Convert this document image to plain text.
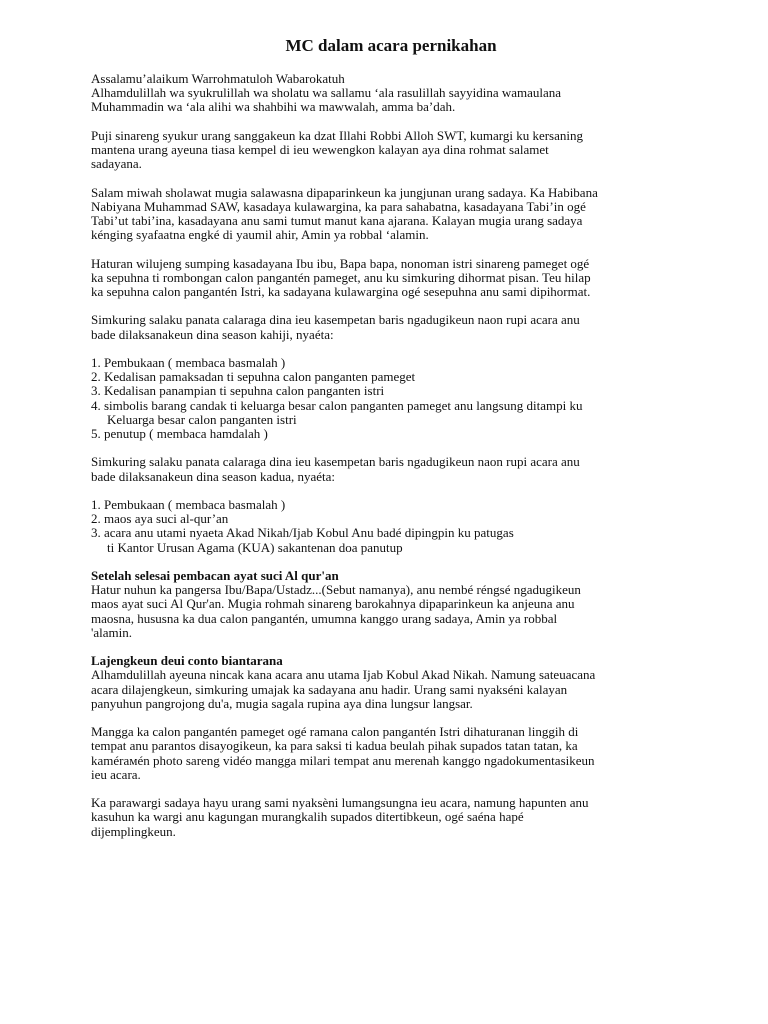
MC dalam acara pernikahan
Assalamu’alaikum Warrohmatuloh Wabarokatuh
Alhamdulillah wa syukrulillah wa sholatu wa sallamu ‘ala rasulillah sayyidina wamaulana
Muhammadin wa ‘ala alihi wa shahbihi wa mawwalah, amma ba’dah.
Puji sinareng syukur urang sanggakeun ka dzat Illahi Robbi Alloh SWT, kumargi ku kersaning
mantena urang ayeuna tiasa kempel di ieu wewengkon kalayan aya dina rohmat salamet
sadayana.
Salam miwah sholawat mugia salawasna dipaparinkeun ka jungjunan urang sadaya. Ka Habibana
Nabiyana Muhammad SAW, kasadaya kulawargina, ka para sahabatna, kasadayana Tabi’in ogé
Tabi’ut tabi’ina, kasadayana anu sami tumut manut kana ajarana. Kalayan mugia urang sadaya
kénging syafaatna engké di yaumil ahir, Amin ya robbal ‘alamin.
Haturan wilujeng sumping kasadayana Ibu ibu, Bapa bapa, nonoman istri sinareng pameget ogé
ka sepuhna ti rombongan calon pangantén pameget, anu ku simkuring dihormat pisan. Teu hilap
ka sepuhna calon pangantén Istri, ka sadayana kulawargina ogé sesepuhna anu sami dipihormat.
Simkuring salaku panata calaraga dina ieu kasempetan baris ngadugikeun naon rupi acara anu
bade dilaksanakeun dina season kahiji, nyaéta:
1. Pembukaan ( membaca basmalah )
2. Kedalisan pamaksadan ti sepuhna calon panganten pameget
3. Kedalisan panampian ti sepuhna calon panganten istri
4. simbolis barang candak ti keluarga besar calon panganten pameget anu langsung ditampi ku
Keluarga besar calon panganten istri
5. penutup ( membaca hamdalah )
Simkuring salaku panata calaraga dina ieu kasempetan baris ngadugikeun naon rupi acara anu
bade dilaksanakeun dina season kadua, nyaéta:
1. Pembukaan ( membaca basmalah )
2. maos aya suci al-qur’an
3. acara anu utami nyaeta Akad Nikah/Ijab Kobul Anu badé dipingpin ku patugas
ti Kantor Urusan Agama (KUA) sakantenan doa panutup
Setelah selesai pembacan ayat suci Al qur'an
Hatur nuhun ka pangersa Ibu/Bapa/Ustadz...(Sebut namanya), anu nembé réngsé ngadugikeun
maos ayat suci Al Qur'an. Mugia rohmah sinareng barokahnya dipaparinkeun ka anjeuna anu
maosna, hususna ka dua calon pangantén, umumna kanggo urang sadaya, Amin ya robbal
'alamin.
Lajengkeun deui conto biantarana
Alhamdulillah ayeuna nincak kana acara anu utama Ijab Kobul Akad Nikah. Namung sateuacana
acara dilajengkeun, simkuring umajak ka sadayana anu hadir. Urang sami nyakséni kalayan
panyuhun pangrojong du'a, mugia sagala rupina aya dina lungsur langsar.
Mangga ka calon pangantén pameget ogé ramana calon pangantén Istri dihaturanan linggih di
tempat anu parantos disayogikeun, ka para saksi ti kadua beulah pihak supados tatan tatan, ka
kamérамén photo sareng vidéo mangga milari tempat anu merenah kanggo ngadokumentasikeun
ieu acara.
Ka parawargi sadaya hayu urang sami nyaksèni lumangsungna ieu acara, namung hapunten anu
kasuhun ka wargi anu kagungan murangkalih supados ditertibkeun, ogé saéna hapé
dijemplingkeun.
